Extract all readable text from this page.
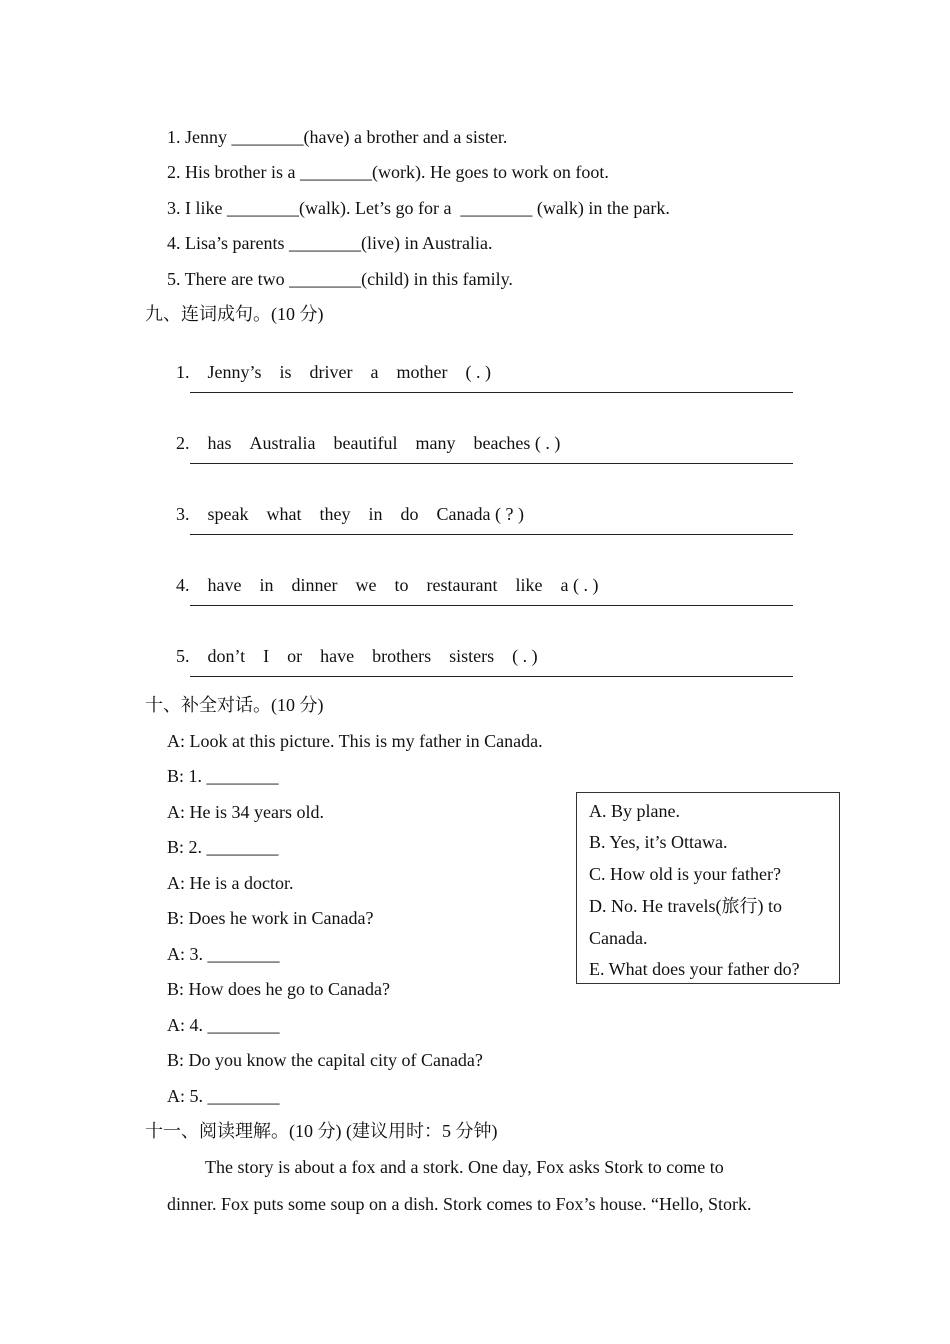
1. Jenny ________(have) a brother and a sister.
2. His brother is a ________(work). He goes to work on foot.
3. I like ________(walk). Let’s go for a  ________ (walk) in the park.
4. Lisa’s parents ________(live) in Australia.
5. There are two ________(child) in this family.
九、连词成句。(10 分)

1. Jenny’s is driver a mother ( . )

2. has Australia beautiful many beaches ( . )

3. speak what they in do Canada ( ? )

4. have in dinner we to restaurant like a ( . )

5. don’t I or have brothers sisters ( . )

十、补全对话。(10 分)
A: Look at this picture. This is my father in Canada.
B: 1. ________
A: He is 34 years old.
B: 2. ________
A: He is a doctor.
B: Does he work in Canada?
A: 3. ________
B: How does he go to Canada?
A: 4. ________
B: Do you know the capital city of Canada?
A: 5. ________
A. By plane.
B. Yes, it’s Ottawa.
C. How old is your father?
D. No. He travels(旅行) to
Canada.
E. What does your father do?
十一、阅读理解。(10 分) (建议用时：5 分钟)
The story is about a fox and a stork. One day, Fox asks Stork to come to
dinner. Fox puts some soup on a dish. Stork comes to Fox’s house. “Hello, Stork.
